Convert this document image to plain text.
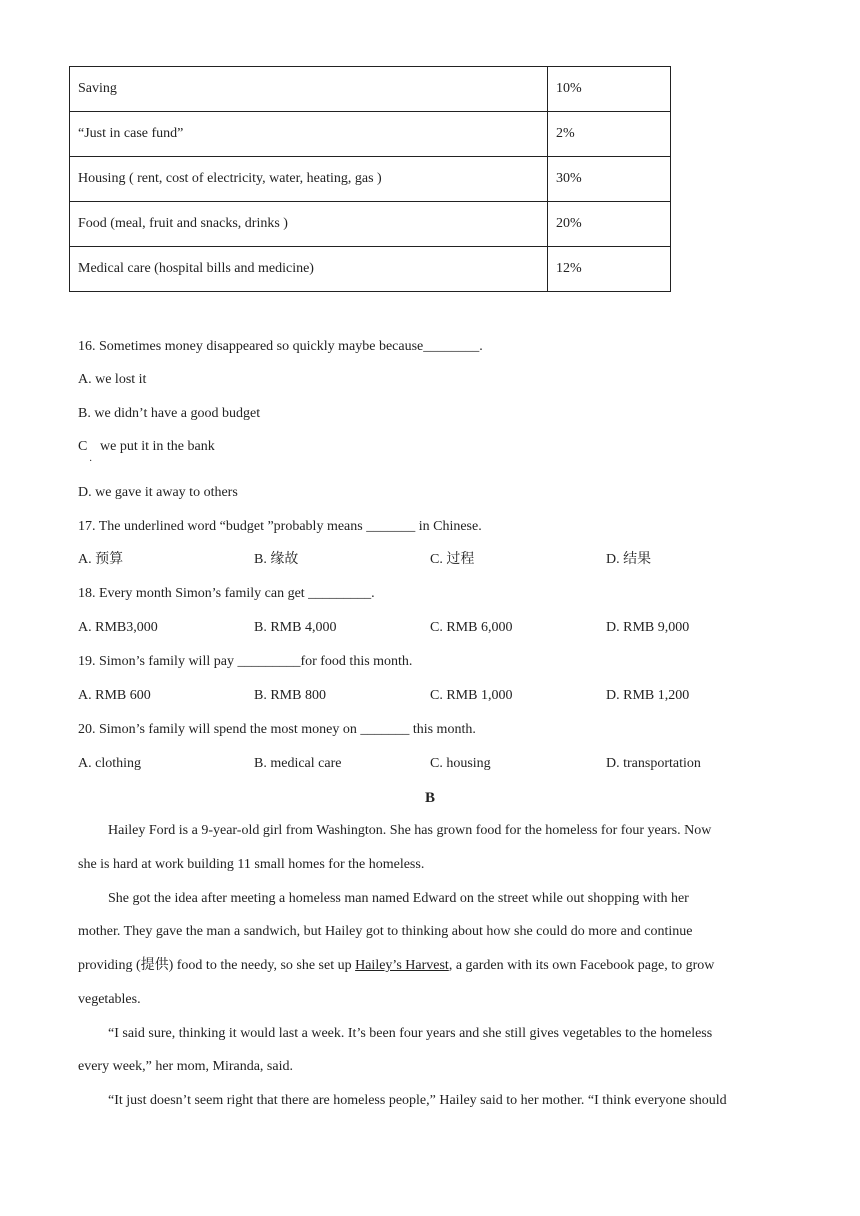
Saving	10%
“Just in case fund”	2%
Housing ( rent, cost of electricity, water, heating, gas )	30%
Food (meal, fruit and snacks, drinks )	20%
Medical care (hospital bills and medicine)	12%
16. Sometimes money disappeared so quickly maybe because________.
A. we lost it
B. we didn’t have a good budget
C
·
we put it in the bank
D. we gave it away to others
17. The underlined word “budget ”probably means _______ in Chinese.
A. 预算	B. 缘故	C. 过程	D. 结果
18. Every month Simon’s family can get _________.
A. RMB3,000	B. RMB 4,000	C. RMB 6,000	D. RMB 9,000
19. Simon’s family will pay _________for food this month.
A. RMB 600	B. RMB 800	C. RMB 1,000	D. RMB 1,200
20. Simon’s family will spend the most money on _______ this month.
A. clothing	B. medical care	C. housing	D. transportation
B
Hailey Ford is a 9-year-old girl from Washington. She has grown food for the homeless for four years. Now
she is hard at work building 11 small homes for the homeless.
She got the idea after meeting a homeless man named Edward on the street while out shopping with her
mother. They gave the man a sandwich, but Hailey got to thinking about how she could do more and continue
providing (提供) food to the needy, so she set up Hailey’s Harvest, a garden with its own Facebook page, to grow
vegetables.
“I said sure, thinking it would last a week. It’s been four years and she still gives vegetables to the homeless
every week,” her mom, Miranda, said.
“It just doesn’t seem right that there are homeless people,” Hailey said to her mother. “I think everyone should
